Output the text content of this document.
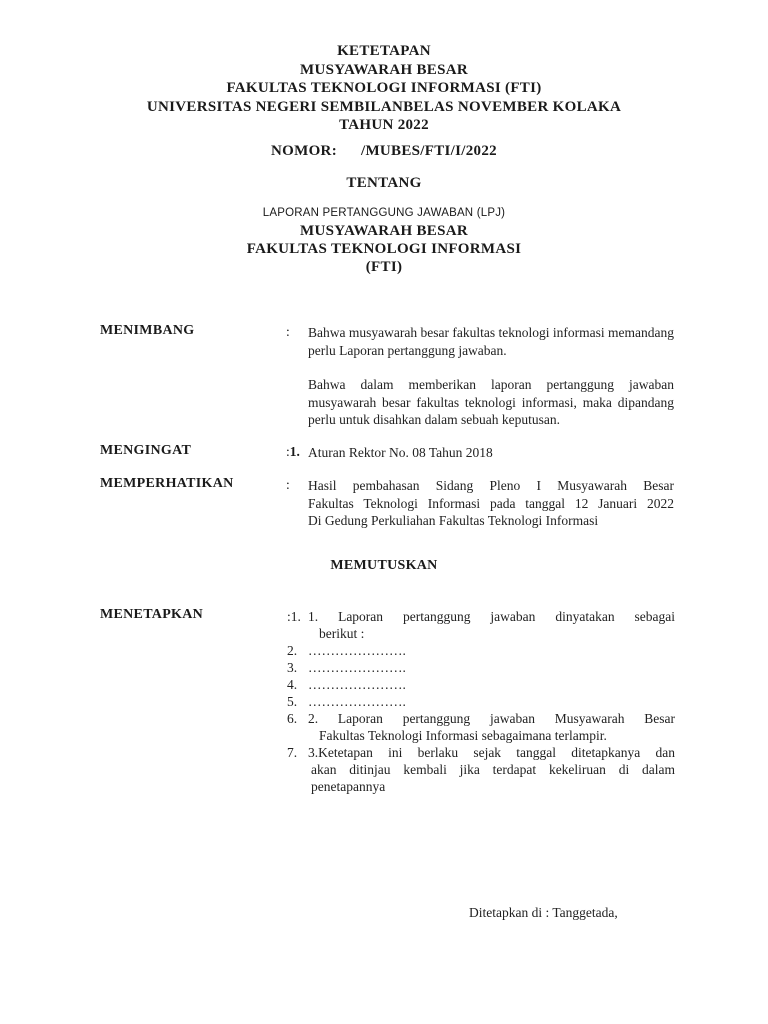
KETETAPAN
MUSYAWARAH BESAR
FAKULTAS TEKNOLOGI INFORMASI (FTI)
UNIVERSITAS NEGERI SEMBILANBELAS NOVEMBER KOLAKA
TAHUN 2022
NOMOR: /MUBES/FTI/I/2022
TENTANG
LAPORAN PERTANGGUNG JAWABAN (LPJ)
MUSYAWARAH BESAR
FAKULTAS TEKNOLOGI INFORMASI
(FTI)
MENIMBANG	: Bahwa musyawarah besar fakultas teknologi informasi memandang perlu Laporan pertanggung jawaban.

Bahwa dalam memberikan laporan pertanggung jawaban musyawarah besar fakultas teknologi informasi, maka dipandang perlu untuk disahkan dalam sebuah keputusan.

MENGINGAT	:1. Aturan Rektor No. 08 Tahun 2018
MEMPERHATIKAN	: Hasil pembahasan Sidang Pleno I Musyawarah Besar
Fakultas Teknologi Informasi pada tanggal 12 Januari 2022
Di Gedung Perkuliahan Fakultas Teknologi Informasi
MEMUTUSKAN
MENETAPKAN	:1. 1. Laporan pertanggung jawaban dinyatakan sebagai
berikut :
2. ………………….
3. ………………….
4. ………………….
5. ………………….
6. 2. Laporan pertanggung jawaban Musyawarah Besar
Fakultas Teknologi Informasi sebagaimana terlampir.
7. 3.Ketetapan ini berlaku sejak tanggal ditetapkanya dan
akan ditinjau kembali jika terdapat kekeliruan di dalam
penetapannya
Ditetapkan di : Tanggetada,
